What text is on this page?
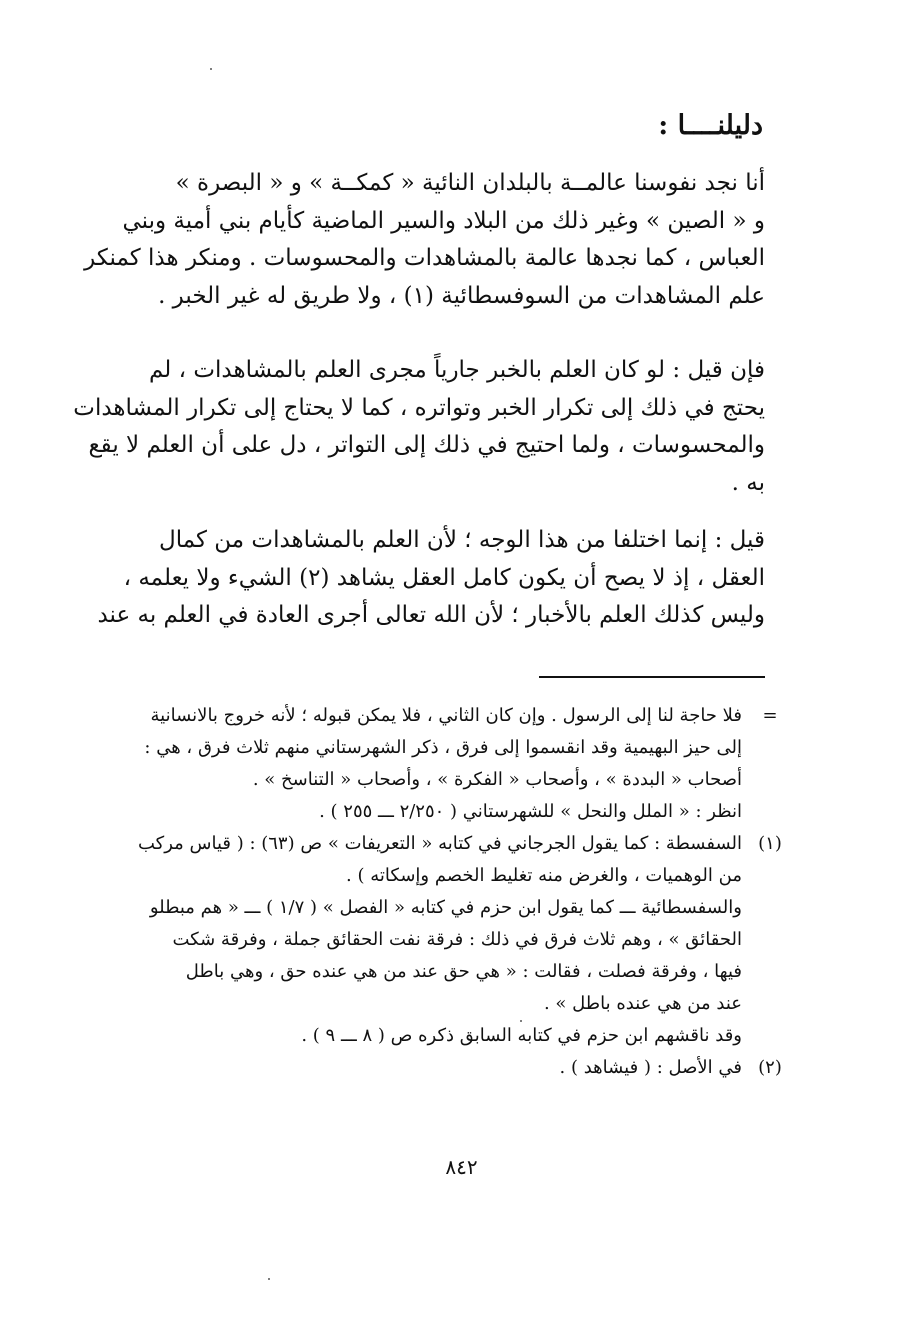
دليلنــــا :
أنا نجد نفوسنا عالمــة بالبلدان النائية « كمكــة » و « البصرة »
و « الصين » وغير ذلك من البلاد والسير الماضية كأيام بني أمية وبني
العباس ، كما نجدها عالمة بالمشاهدات والمحسوسات . ومنكر هذا كمنكر
علم المشاهدات من السوفسطائية (١) ، ولا طريق له غير الخبر .
فإن قيل : لو كان العلم بالخبر جارياً مجرى العلم بالمشاهدات ، لم
يحتج في ذلك إلى تكرار الخبر وتواتره ، كما لا يحتاج إلى تكرار المشاهدات
والمحسوسات ، ولما احتيج في ذلك إلى التواتر ، دل على أن العلم لا يقع
به .
قيل : إنما اختلفا من هذا الوجه ؛ لأن العلم بالمشاهدات من كمال
العقل ، إذ لا يصح أن يكون كامل العقل يشاهد (٢) الشيء ولا يعلمه ،
وليس كذلك العلم بالأخبار ؛ لأن الله تعالى أجرى العادة في العلم به عند
=
فلا حاجة لنا إلى الرسول . وإن كان الثاني ، فلا يمكن قبوله ؛ لأنه خروج بالانسانية
إلى حيز البهيمية وقد انقسموا إلى فرق ، ذكر الشهرستاني منهم ثلاث فرق ، هي :
أصحاب « البددة » ، وأصحاب « الفكرة » ، وأصحاب « التناسخ » .
انظر : « الملل والنحل » للشهرستاني ( ٢/٢٥٠ ـــ ٢٥٥ ) .
(١)
السفسطة : كما يقول الجرجاني في كتابه « التعريفات » ص (٦٣) : ( قياس مركب
من الوهميات ، والغرض منه تغليط الخصم وإسكاته ) .
والسفسطائية ـــ كما يقول ابن حزم في كتابه « الفصل » ( ١/٧ ) ـــ « هم مبطلو
الحقائق » ، وهم ثلاث فرق في ذلك : فرقة نفت الحقائق جملة ، وفرقة شكت
فيها ، وفرقة فصلت ، فقالت : « هي حق عند من هي عنده حق ، وهي باطل
عند من هي عنده باطل » .
وقد ناقشهم ابن حزم في كتابه السابق ذكره ص ( ٨ ـــ ٩ ) .
(٢)
في الأصل : ( فيشاهد ) .
٨٤٢
